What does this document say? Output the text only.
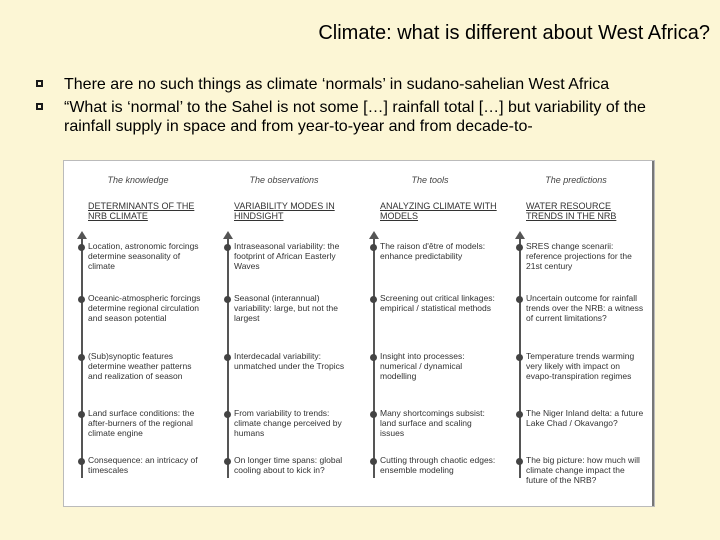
Climate: what is different about West Africa?
There are no such things as climate ‘normals’ in sudano-sahelian West Africa
“What is ‘normal’ to the Sahel is not some […] rainfall total […] but variability of the rainfall supply in space and from year-to-year and from decade-to-
The knowledge
DETERMINANTS OF THE NRB CLIMATE
Location, astronomic forcings determine seasonality of climate
Oceanic-atmospheric forcings determine regional circulation and season potential
(Sub)synoptic features determine weather patterns and realization of season
Land surface conditions: the after-burners of the regional climate engine
Consequence: an intricacy of timescales
The observations
VARIABILITY MODES IN HINDSIGHT
Intraseasonal variability: the footprint of African Easterly Waves
Seasonal (interannual) variability: large, but not the largest
Interdecadal variability: unmatched under the Tropics
From variability to trends: climate change perceived by humans
On longer time spans: global cooling about to kick in?
The tools
ANALYZING CLIMATE WITH MODELS
The raison d'être of models: enhance predictability
Screening out critical linkages: empirical / statistical methods
Insight into processes: numerical / dynamical modelling
Many shortcomings subsist: land surface and scaling issues
Cutting through chaotic edges: ensemble modeling
The predictions
WATER RESOURCE TRENDS IN THE NRB
SRES change scenarii: reference projections for the 21st century
Uncertain outcome for rainfall trends over the NRB: a witness of current limitations?
Temperature trends warming very likely with impact on evapo-transpiration regimes
The Niger Inland delta: a future Lake Chad / Okavango?
The big picture: how much will climate change impact the future of the NRB?
